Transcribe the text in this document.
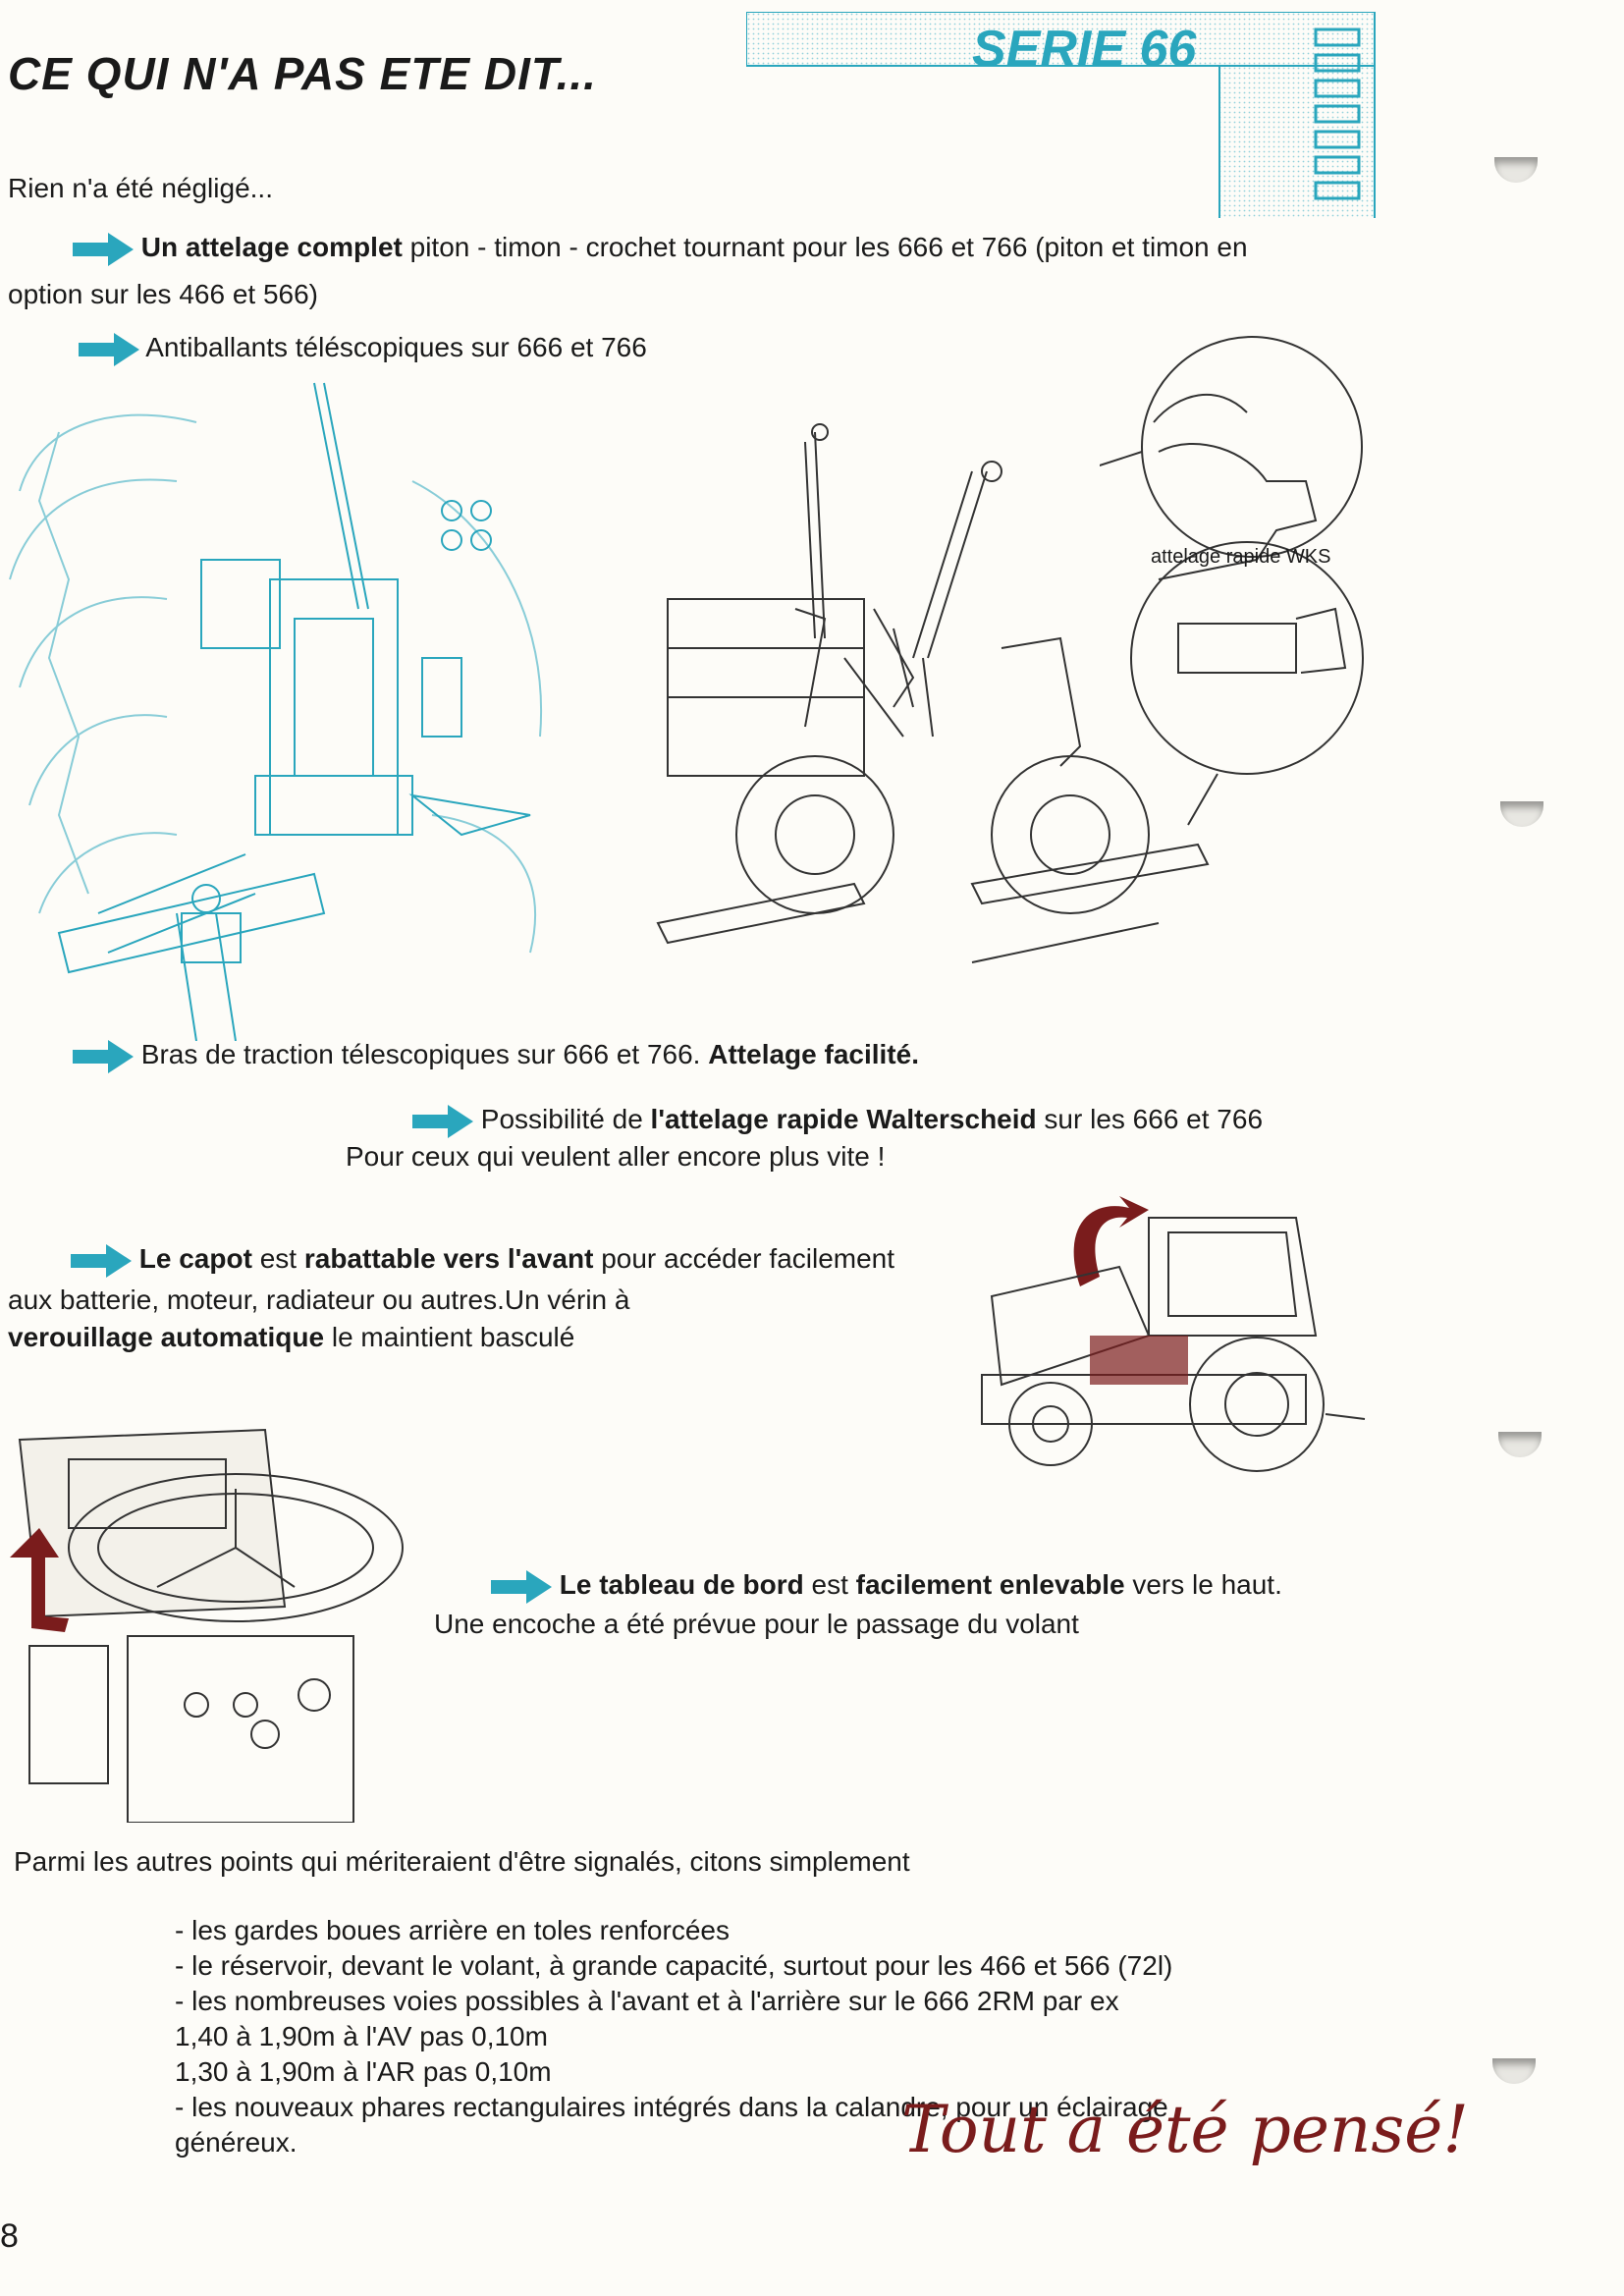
CE QUI N'A PAS ETE DIT...	SERIE 66
Rien n'a été négligé...
Un attelage complet piton - timon - crochet tournant pour les 666 et 766 (piton et timon en
option sur les 466 et 566)
Antiballants téléscopiques sur 666 et 766
attelage rapide WKS
Bras de traction télescopiques sur 666 et 766. Attelage facilité.
Possibilité de l'attelage rapide Walterscheid sur les 666 et 766
Pour ceux qui veulent aller encore plus vite !
Le capot est rabattable vers l'avant pour accéder facilement
aux batterie, moteur, radiateur ou autres.Un vérin à
verouillage automatique le maintient basculé
Le tableau de bord est facilement enlevable vers le haut.
Une encoche a été prévue pour le passage du volant
Parmi les autres points qui mériteraient d'être signalés, citons simplement
- les gardes boues arrière en toles renforcées
- le réservoir, devant le volant, à grande capacité, surtout pour les 466 et 566 (72l)
- les nombreuses voies possibles à l'avant et à l'arrière sur le 666 2RM par ex
1,40 à 1,90m à l'AV pas 0,10m
1,30 à 1,90m à l'AR pas 0,10m
- les nouveaux phares rectangulaires intégrés dans la calandre, pour un éclairage
généreux.	Tout a été pensé!
8
